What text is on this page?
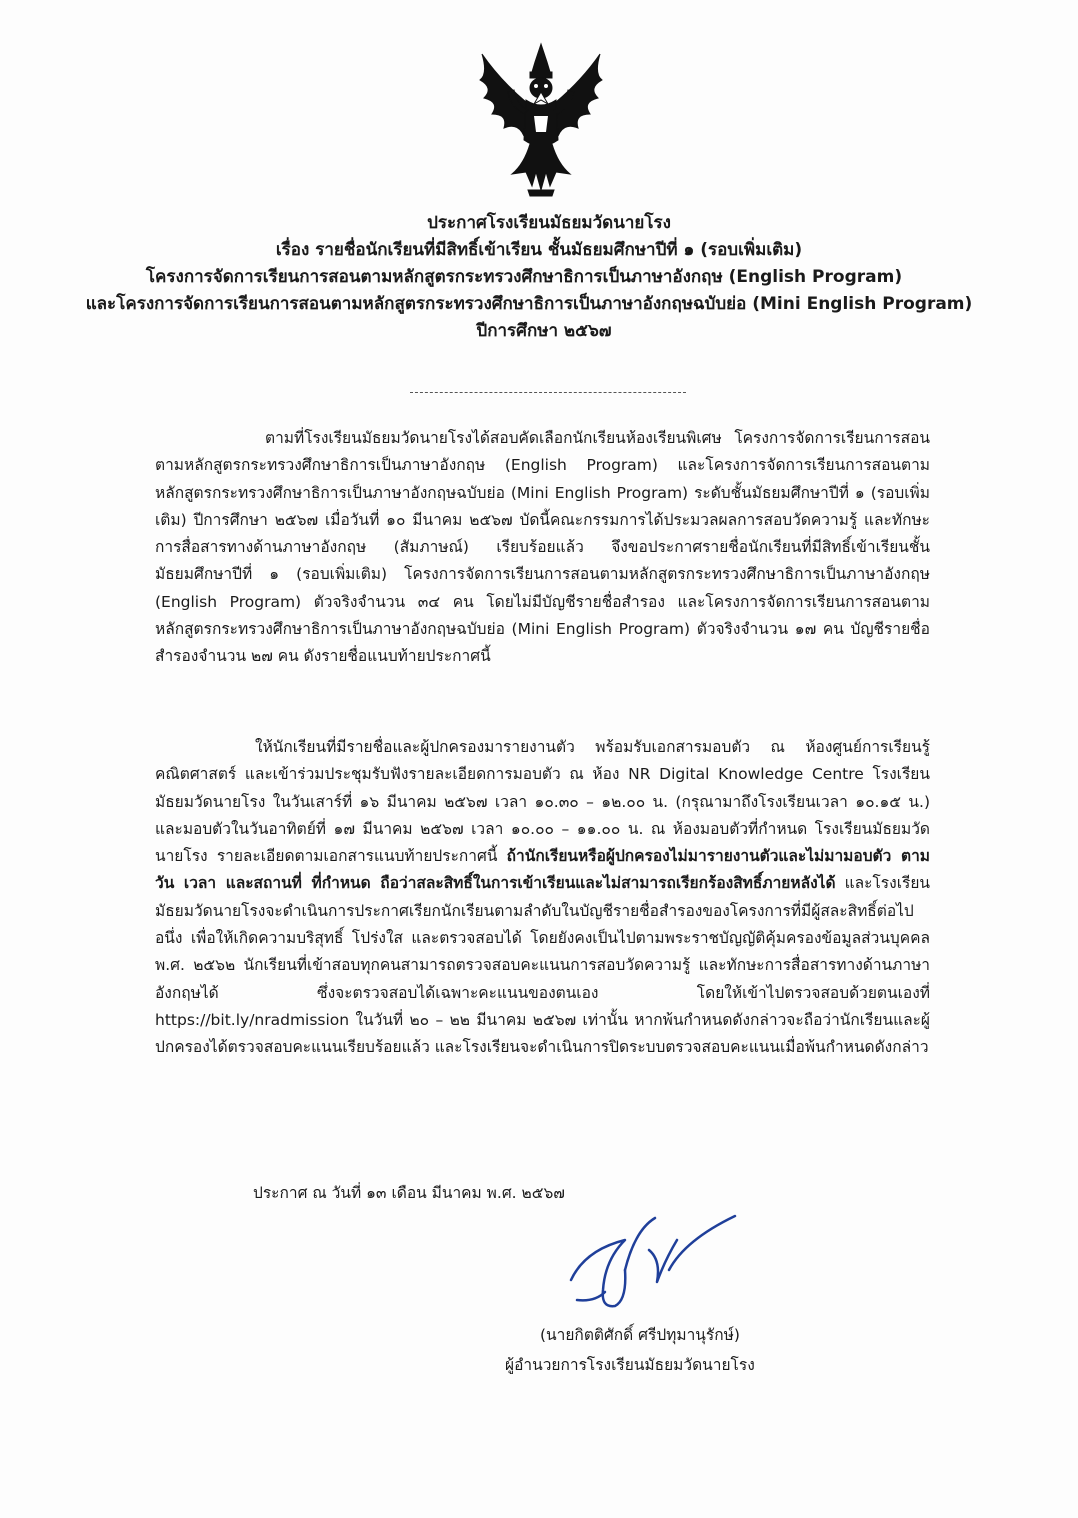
ประกาศโรงเรียนมัธยมวัดนายโรง
เรื่อง รายชื่อนักเรียนที่มีสิทธิ์เข้าเรียน ชั้นมัธยมศึกษาปีที่ ๑ (รอบเพิ่มเติม)
โครงการจัดการเรียนการสอนตามหลักสูตรกระทรวงศึกษาธิการเป็นภาษาอังกฤษ (English Program)
และโครงการจัดการเรียนการสอนตามหลักสูตรกระทรวงศึกษาธิการเป็นภาษาอังกฤษฉบับย่อ (Mini English Program)
ปีการศึกษา ๒๕๖๗

ตามที่โรงเรียนมัธยมวัดนายโรงได้สอบคัดเลือกนักเรียนห้องเรียนพิเศษ โครงการจัดการเรียนการสอนตามหลักสูตรกระทรวงศึกษาธิการเป็นภาษาอังกฤษ (English Program) และโครงการจัดการเรียนการสอนตามหลักสูตรกระทรวงศึกษาธิการเป็นภาษาอังกฤษฉบับย่อ (Mini English Program) ระดับชั้นมัธยมศึกษาปีที่ ๑ (รอบเพิ่มเติม) ปีการศึกษา ๒๕๖๗ เมื่อวันที่ ๑๐ มีนาคม ๒๕๖๗ บัดนี้คณะกรรมการได้ประมวลผลการสอบวัดความรู้ และทักษะการสื่อสารทางด้านภาษาอังกฤษ (สัมภาษณ์) เรียบร้อยแล้ว จึงขอประกาศรายชื่อนักเรียนที่มีสิทธิ์เข้าเรียนชั้นมัธยมศึกษาปีที่ ๑ (รอบเพิ่มเติม) โครงการจัดการเรียนการสอนตามหลักสูตรกระทรวงศึกษาธิการเป็นภาษาอังกฤษ (English Program) ตัวจริงจำนวน ๓๔ คน โดยไม่มีบัญชีรายชื่อสำรอง และโครงการจัดการเรียนการสอนตามหลักสูตรกระทรวงศึกษาธิการเป็นภาษาอังกฤษฉบับย่อ (Mini English Program) ตัวจริงจำนวน ๑๗ คน บัญชีรายชื่อสำรองจำนวน ๒๗ คน ดังรายชื่อแนบท้ายประกาศนี้

ให้นักเรียนที่มีรายชื่อและผู้ปกครองมารายงานตัว พร้อมรับเอกสารมอบตัว ณ ห้องศูนย์การเรียนรู้คณิตศาสตร์ และเข้าร่วมประชุมรับฟังรายละเอียดการมอบตัว ณ ห้อง NR Digital Knowledge Centre โรงเรียนมัธยมวัดนายโรง ในวันเสาร์ที่ ๑๖ มีนาคม ๒๕๖๗ เวลา ๑๐.๓๐ – ๑๒.๐๐ น. (กรุณามาถึงโรงเรียนเวลา ๑๐.๑๕ น.) และมอบตัวในวันอาทิตย์ที่ ๑๗ มีนาคม ๒๕๖๗ เวลา ๑๐.๐๐ – ๑๑.๐๐ น. ณ ห้องมอบตัวที่กำหนด โรงเรียนมัธยมวัดนายโรง รายละเอียดตามเอกสารแนบท้ายประกาศนี้ ถ้านักเรียนหรือผู้ปกครองไม่มารายงานตัวและไม่มามอบตัว ตามวัน เวลา และสถานที่ ที่กำหนด ถือว่าสละสิทธิ์ในการเข้าเรียนและไม่สามารถเรียกร้องสิทธิ์ภายหลังได้ และโรงเรียนมัธยมวัดนายโรงจะดำเนินการประกาศเรียกนักเรียนตามลำดับในบัญชีรายชื่อสำรองของโครงการที่มีผู้สละสิทธิ์ต่อไป อนึ่ง เพื่อให้เกิดความบริสุทธิ์ โปร่งใส และตรวจสอบได้ โดยยังคงเป็นไปตามพระราชบัญญัติคุ้มครองข้อมูลส่วนบุคคล พ.ศ. ๒๕๖๒ นักเรียนที่เข้าสอบทุกคนสามารถตรวจสอบคะแนนการสอบวัดความรู้ และทักษะการสื่อสารทางด้านภาษาอังกฤษได้ ซึ่งจะตรวจสอบได้เฉพาะคะแนนของตนเอง โดยให้เข้าไปตรวจสอบด้วยตนเองที่ https://bit.ly/nradmission ในวันที่ ๒๐ – ๒๒ มีนาคม ๒๕๖๗ เท่านั้น หากพ้นกำหนดดังกล่าวจะถือว่านักเรียนและผู้ปกครองได้ตรวจสอบคะแนนเรียบร้อยแล้ว และโรงเรียนจะดำเนินการปิดระบบตรวจสอบคะแนนเมื่อพ้นกำหนดดังกล่าว

ประกาศ ณ วันที่ ๑๓ เดือน มีนาคม พ.ศ. ๒๕๖๗
(นายกิตติศักดิ์ ศรีปทุมานุรักษ์)
ผู้อำนวยการโรงเรียนมัธยมวัดนายโรง
